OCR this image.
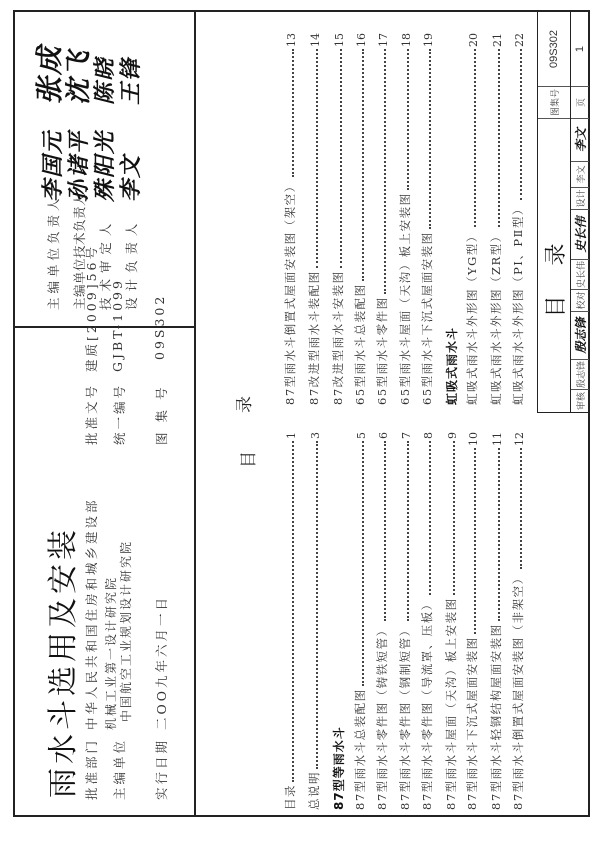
雨水斗选用及安装 批准部门
中华人民共和国住房和城乡建设部
主编单位
机械工业第一设计研究院 中国航空工业规划设计研究院
实行日期
二OO九年六月一日
批准文号
建质[2009]56号
统一编号
GJBT-1099
图 集 号
09S302
主编单位负责人
李国元
张成
主编单位技术负责人
孙诸平
沈飞
技 术 审 定 人
殊阳光
陈晓
设 计 负 责 人
李文
王锋
目
录
目录
1
总说明
3
87型等雨水斗 87型雨水斗总装配图
5
87型雨水斗零件图（铸铁短管）
6
87型雨水斗零件图（钢制短管）
7
87型雨水斗零件图（导流罩、压板）
8
87型雨水斗屋面（天沟）板上安装图
9
87型雨水斗下沉式屋面安装图
10
87型雨水斗轻钢结构屋面安装图
11
87型雨水斗倒置式屋面安装图（非架空）
12
87型雨水斗倒置式屋面安装图（架空）
13
87改进型雨水斗装配图
14
87改进型雨水斗安装图
15
65型雨水斗总装配图
16
65型雨水斗零件图
17
65型雨水斗屋面（天沟）板上安装图
18
65型雨水斗下沉式屋面安装图
19
虹吸式雨水斗 虹吸式雨水斗外形图（YG型）
20
虹吸式雨水斗外形图（ZR型）
21
虹吸式雨水斗外形图（PⅠ、PⅡ型）
22
目录
图集号
09S302
审核
殷志锋
殷志锋
校对
史长伟
史长伟
设计
李文
李文
页
1
